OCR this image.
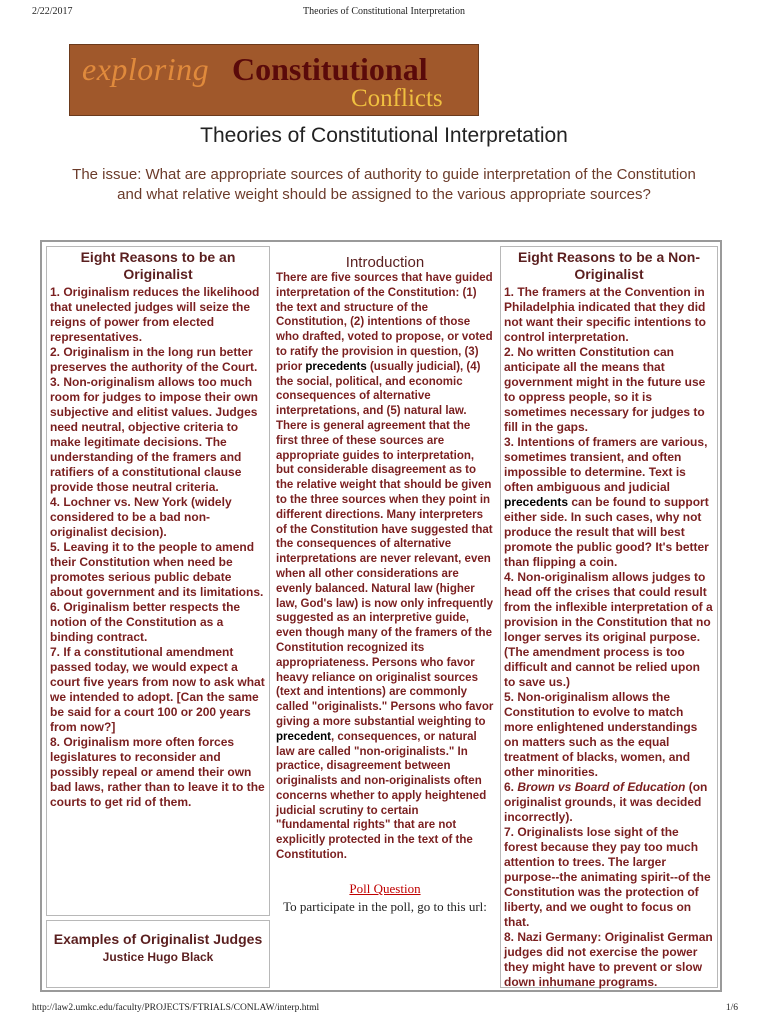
2/22/2017	Theories of Constitutional Interpretation
exploring Constitutional
Conflicts
Theories of Constitutional Interpretation
The issue: What are appropriate sources of authority to guide interpretation of the Constitution and what relative weight should be assigned to the various appropriate sources?
Eight Reasons to be an Originalist

1. Originalism reduces the likelihood that unelected judges will seize the reigns of power from elected representatives.

2. Originalism in the long run better preserves the authority of the Court.

3. Non-originalism allows too much room for judges to impose their own subjective and elitist values. Judges need neutral, objective criteria to make legitimate decisions. The understanding of the framers and ratifiers of a constitutional clause provide those neutral criteria.

4. Lochner vs. New York (widely considered to be a bad non-originalist decision).

5. Leaving it to the people to amend their Constitution when need be promotes serious public debate about government and its limitations.

6. Originalism better respects the notion of the Constitution as a binding contract.

7. If a constitutional amendment passed today, we would expect a court five years from now to ask what we intended to adopt. [Can the same be said for a court 100 or 200 years from now?]

8. Originalism more often forces legislatures to reconsider and possibly repeal or amend their own bad laws, rather than to leave it to the courts to get rid of them.

Examples of Originalist Judges
Justice Hugo Black
Introduction
There are five sources that have guided interpretation of the Constitution: (1) the text and structure of the Constitution, (2) intentions of those who drafted, voted to propose, or voted to ratify the provision in question, (3) prior precedents (usually judicial), (4) the social, political, and economic consequences of alternative interpretations, and (5) natural law. There is general agreement that the first three of these sources are appropriate guides to interpretation, but considerable disagreement as to the relative weight that should be given to the three sources when they point in different directions. Many interpreters of the Constitution have suggested that the consequences of alternative interpretations are never relevant, even when all other considerations are evenly balanced. Natural law (higher law, God's law) is now only infrequently suggested as an interpretive guide, even though many of the framers of the Constitution recognized its appropriateness. Persons who favor heavy reliance on originalist sources (text and intentions) are commonly called "originalists." Persons who favor giving a more substantial weighting to precedent, consequences, or natural law are called "non-originalists." In practice, disagreement between originalists and non-originalists often concerns whether to apply heightened judicial scrutiny to certain "fundamental rights" that are not explicitly protected in the text of the Constitution.
Poll Question
To participate in the poll, go to this url:
Eight Reasons to be a Non-Originalist

1. The framers at the Convention in Philadelphia indicated that they did not want their specific intentions to control interpretation.

2. No written Constitution can anticipate all the means that government might in the future use to oppress people, so it is sometimes necessary for judges to fill in the gaps.

3. Intentions of framers are various, sometimes transient, and often impossible to determine. Text is often ambiguous and judicial precedents can be found to support either side. In such cases, why not produce the result that will best promote the public good? It's better than flipping a coin.

4. Non-originalism allows judges to head off the crises that could result from the inflexible interpretation of a provision in the Constitution that no longer serves its original purpose. (The amendment process is too difficult and cannot be relied upon to save us.)

5. Non-originalism allows the Constitution to evolve to match more enlightened understandings on matters such as the equal treatment of blacks, women, and other minorities.

6. Brown vs Board of Education (on originalist grounds, it was decided incorrectly).

7. Originalists lose sight of the forest because they pay too much attention to trees. The larger purpose--the animating spirit--of the Constitution was the protection of liberty, and we ought to focus on that.

8. Nazi Germany: Originalist German judges did not exercise the power they might have to prevent or slow down inhumane programs.

http://law2.umkc.edu/faculty/PROJECTS/FTRIALS/CONLAW/interp.html	1/6
